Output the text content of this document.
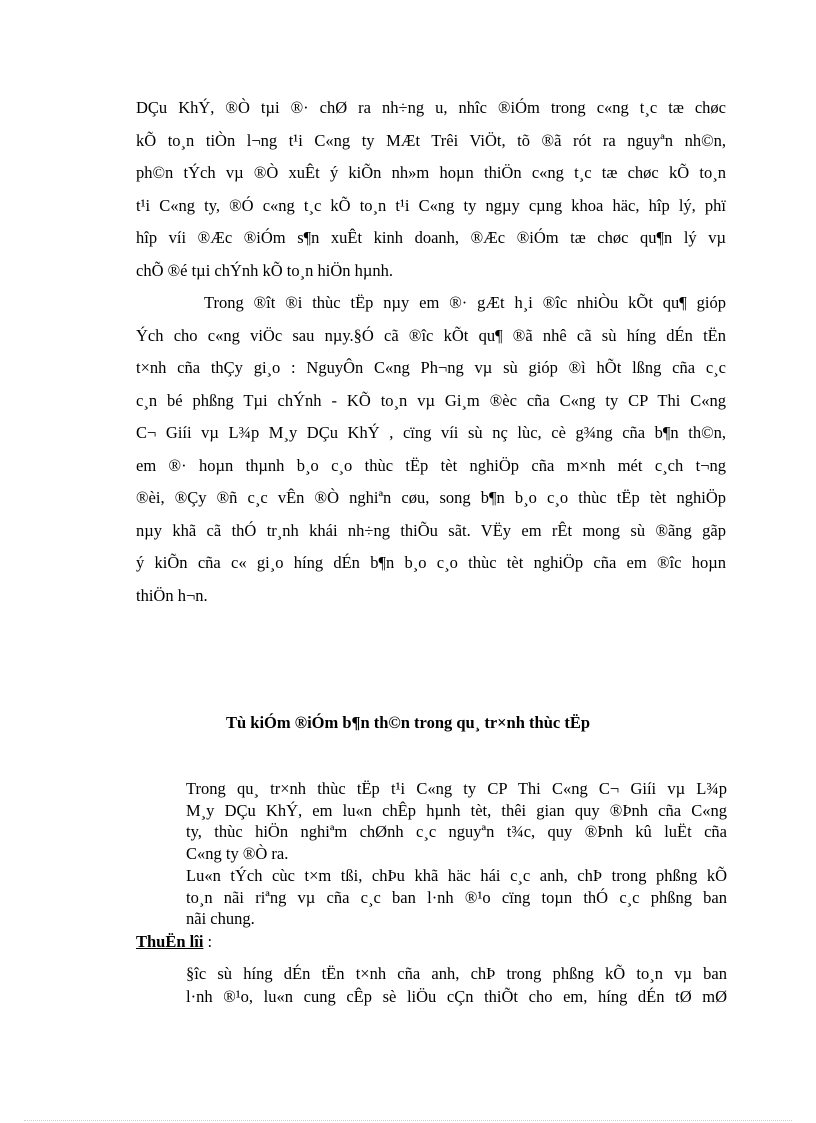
DÇu KhÝ, ®Ò tµi ®· chØ ra nh÷ng u, nhîc ®iÓm trong c«ng t¸c tæ chøc
kÕ to¸n tiÒn l¬ng t¹i C«ng ty MÆt Trêi ViÖt, tõ ®ã rót ra nguyªn nh©n,
ph©n tÝch vµ ®Ò xuÊt ý kiÕn nh»m hoµn thiÖn c«ng t¸c tæ chøc kÕ to¸n
t¹i C«ng ty, ®Ó c«ng t¸c kÕ to¸n t¹i C«ng ty ngµy cµng khoa häc, hîp lý, phï
hîp víi ®Æc ®iÓm s¶n xuÊt kinh doanh, ®Æc ®iÓm tæ chøc qu¶n lý vµ
chÕ ®é tµi chÝnh kÕ to¸n hiÖn hµnh.
Trong ®ît ®i thùc tËp nµy em ®· gÆt h¸i ®îc nhiÒu kÕt qu¶ gióp
Ých cho c«ng viÖc sau nµy.§Ó cã ®îc kÕt qu¶ ®ã nhê cã sù híng dÉn tËn
t×nh cña thÇy gi¸o : NguyÔn C«ng Ph¬ng vµ sù gióp ®ì hÕt lßng cña c¸c
c¸n bé phßng Tµi chÝnh - KÕ to¸n vµ Gi¸m ®èc cña C«ng ty CP Thi C«ng
C¬ Giíi vµ L¾p M¸y DÇu KhÝ , cïng víi sù nç lùc, cè g¾ng cña b¶n th©n,
em ®· hoµn thµnh b¸o c¸o thùc tËp tèt nghiÖp cña m×nh mét c¸ch t¬ng
®èi, ®Çy ®ñ c¸c vÊn ®Ò nghiªn cøu, song b¶n b¸o c¸o thùc tËp tèt nghiÖp
nµy khã cã thÓ tr¸nh khái nh÷ng thiÕu sãt. VËy em rÊt mong sù ®ãng gãp
ý kiÕn cña c« gi¸o híng dÉn b¶n b¸o c¸o thùc tèt nghiÖp cña em ®îc hoµn
thiÖn h¬n.
Tù kiÓm ®iÓm b¶n th©n trong qu¸ tr×nh thùc tËp
Trong qu¸ tr×nh thùc tËp t¹i C«ng ty CP Thi C«ng C¬ Giíi vµ L¾p
M¸y DÇu KhÝ, em lu«n chÊp hµnh tèt, thêi gian quy ®Þnh cña C«ng
ty, thùc hiÖn nghiªm chØnh c¸c nguyªn t¾c, quy ®Þnh kû luËt cña
C«ng ty ®Ò ra.
Lu«n tÝch cùc t×m tßi, chÞu khã häc hái c¸c anh, chÞ trong phßng kÕ
to¸n nãi riªng vµ cña c¸c ban l·nh ®¹o cïng toµn thÓ c¸c phßng ban
nãi chung.

ThuËn lîi :

§îc sù híng dÉn tËn t×nh cña anh, chÞ trong phßng kÕ to¸n vµ ban
l·nh ®¹o, lu«n cung cÊp sè liÖu cÇn thiÕt cho em, híng dÉn tØ mØ
